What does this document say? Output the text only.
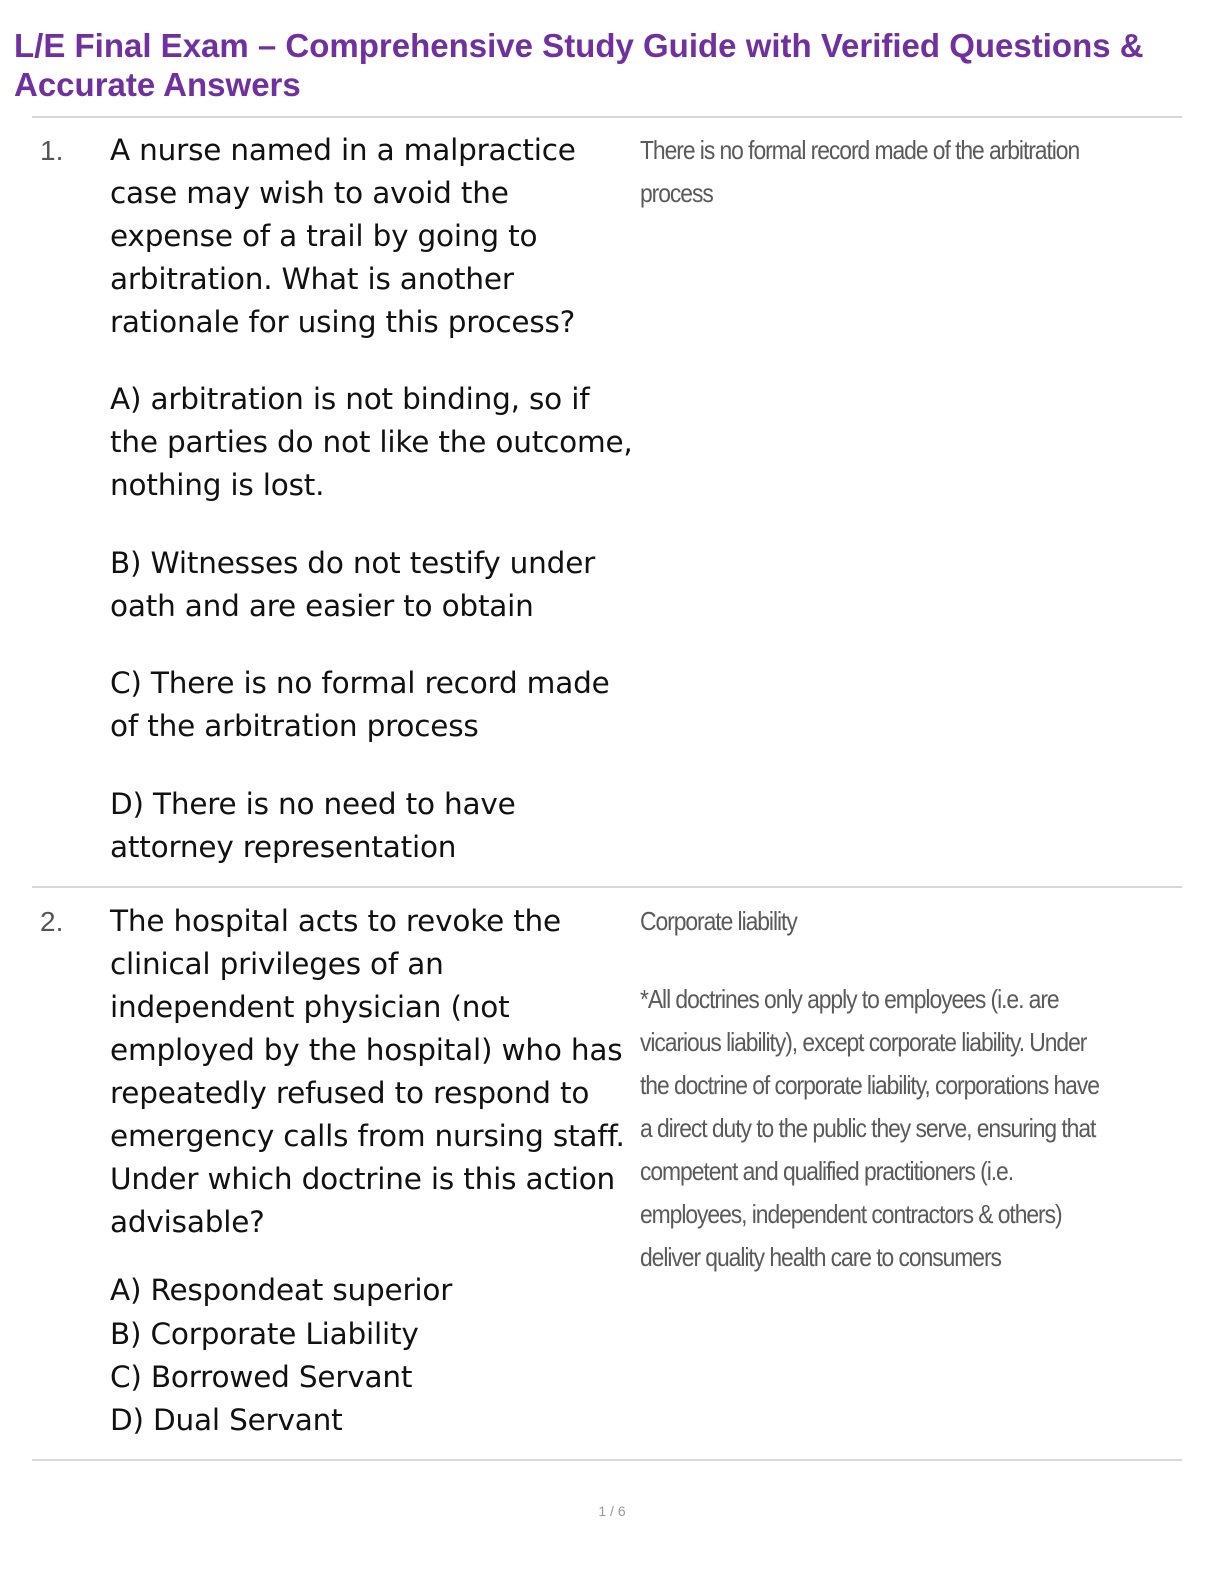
L/E Final Exam – Comprehensive Study Guide with Verified Questions & Accurate Answers
1. A nurse named in a malpractice case may wish to avoid the expense of a trail by going to arbitration. What is another rationale for using this process?
A) arbitration is not binding, so if the parties do not like the outcome, nothing is lost.
B) Witnesses do not testify under oath and are easier to obtain
C) There is no formal record made of the arbitration process
D) There is no need to have attorney representation
There is no formal record made of the arbitration process
2. The hospital acts to revoke the clinical privileges of an independent physician (not employed by the hospital) who has repeatedly refused to respond to emergency calls from nursing staff. Under which doctrine is this action advisable?
A) Respondeat superior
B) Corporate Liability
C) Borrowed Servant
D) Dual Servant
Corporate liability
*All doctrines only apply to employees (i.e. are vicarious liability), except corporate liability. Under the doctrine of corporate liability, corporations have a direct duty to the public they serve, ensuring that competent and qualified practitioners (i.e. employees, independent contractors & others) deliver quality health care to consumers
1 / 6
